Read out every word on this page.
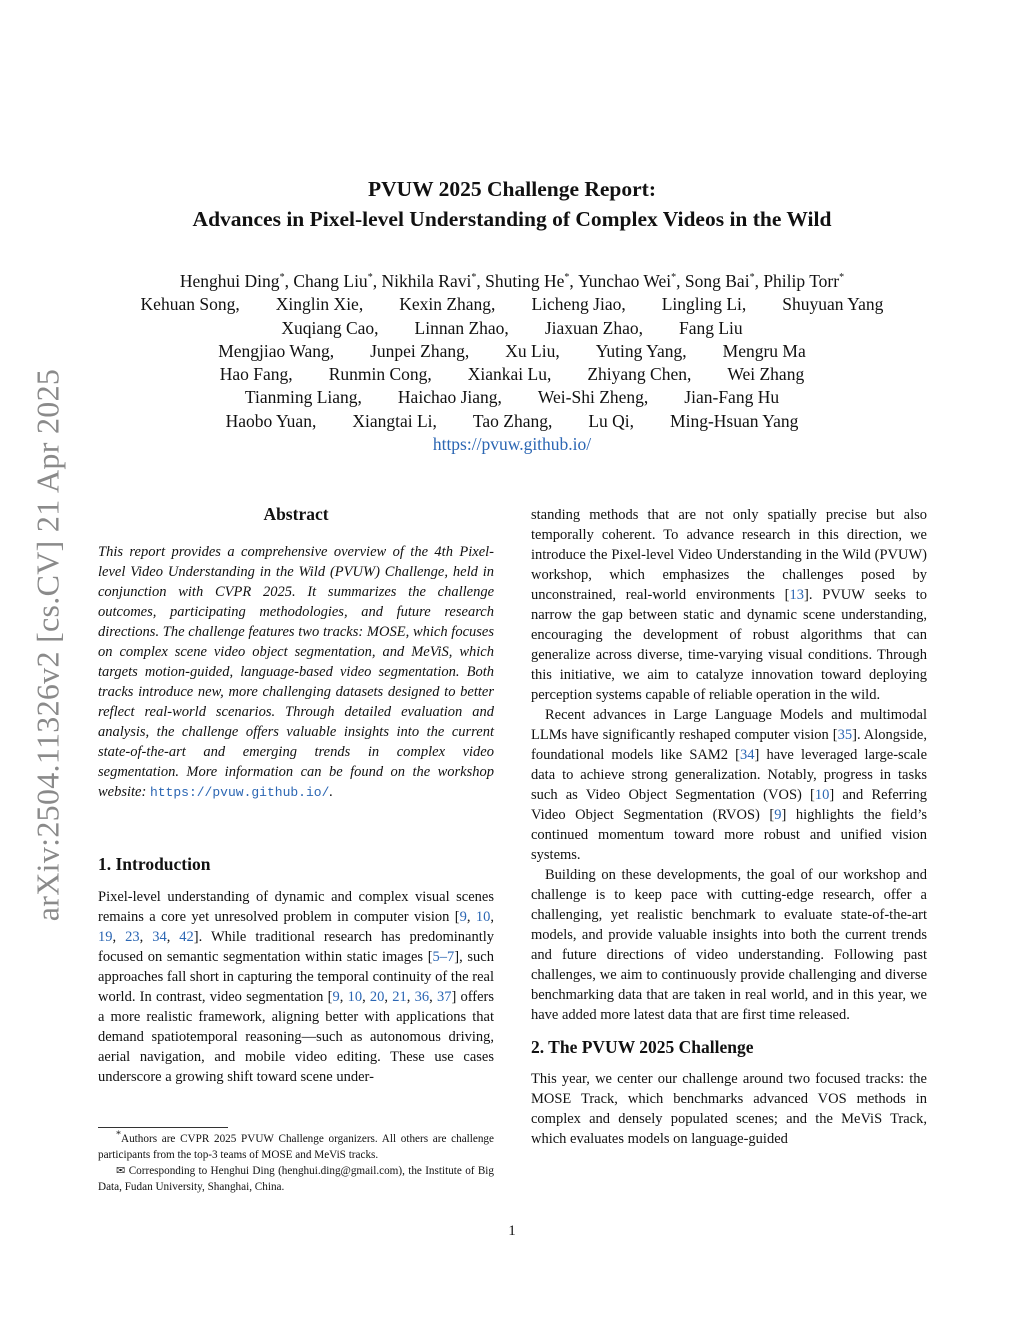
arXiv:2504.11326v2 [cs.CV] 21 Apr 2025
PVUW 2025 Challenge Report:
Advances in Pixel-level Understanding of Complex Videos in the Wild
Henghui Ding*, Chang Liu*, Nikhila Ravi*, Shuting He*, Yunchao Wei*, Song Bai*, Philip Torr*
Kehuan Song, Xinglin Xie, Kexin Zhang, Licheng Jiao, Lingling Li, Shuyuan Yang
Xuqiang Cao, Linnan Zhao, Jiaxuan Zhao, Fang Liu
Mengjiao Wang, Junpei Zhang, Xu Liu, Yuting Yang, Mengru Ma
Hao Fang, Runmin Cong, Xiankai Lu, Zhiyang Chen, Wei Zhang
Tianming Liang, Haichao Jiang, Wei-Shi Zheng, Jian-Fang Hu
Haobo Yuan, Xiangtai Li, Tao Zhang, Lu Qi, Ming-Hsuan Yang
https://pvuw.github.io/
Abstract

This report provides a comprehensive overview of the 4th Pixel-level Video Understanding in the Wild (PVUW) Challenge, held in conjunction with CVPR 2025. It summarizes the challenge outcomes, participating methodologies, and future research directions. The challenge features two tracks: MOSE, which focuses on complex scene video object segmentation, and MeViS, which targets motion-guided, language-based video segmentation. Both tracks introduce new, more challenging datasets designed to better reflect real-world scenarios. Through detailed evaluation and analysis, the challenge offers valuable insights into the current state-of-the-art and emerging trends in complex video segmentation. More information can be found on the workshop website: https://pvuw.github.io/.

1. Introduction

Pixel-level understanding of dynamic and complex visual scenes remains a core yet unresolved problem in computer vision [9, 10, 19, 23, 34, 42]. While traditional research has predominantly focused on semantic segmentation within static images [5–7], such approaches fall short in capturing the temporal continuity of the real world. In contrast, video segmentation [9, 10, 20, 21, 36, 37] offers a more realistic framework, aligning better with applications that demand spatiotemporal reasoning—such as autonomous driving, aerial navigation, and mobile video editing. These use cases underscore a growing shift toward scene under-

standing methods that are not only spatially precise but also temporally coherent. To advance research in this direction, we introduce the Pixel-level Video Understanding in the Wild (PVUW) workshop, which emphasizes the challenges posed by unconstrained, real-world environments [13]. PVUW seeks to narrow the gap between static and dynamic scene understanding, encouraging the development of robust algorithms that can generalize across diverse, time-varying visual conditions. Through this initiative, we aim to catalyze innovation toward deploying perception systems capable of reliable operation in the wild.

Recent advances in Large Language Models and multimodal LLMs have significantly reshaped computer vision [35]. Alongside, foundational models like SAM2 [34] have leveraged large-scale data to achieve strong generalization. Notably, progress in tasks such as Video Object Segmentation (VOS) [10] and Referring Video Object Segmentation (RVOS) [9] highlights the field’s continued momentum toward more robust and unified vision systems.

Building on these developments, the goal of our workshop and challenge is to keep pace with cutting-edge research, offer a challenging, yet realistic benchmark to evaluate state-of-the-art models, and provide valuable insights into both the current trends and future directions of video understanding. Following past challenges, we aim to continuously provide challenging and diverse benchmarking data that are taken in real world, and in this year, we have added more latest data that are first time released.

2. The PVUW 2025 Challenge

This year, we center our challenge around two focused tracks: the MOSE Track, which benchmarks advanced VOS methods in complex and densely populated scenes; and the MeViS Track, which evaluates models on language-guided

*Authors are CVPR 2025 PVUW Challenge organizers. All others are challenge participants from the top-3 teams of MOSE and MeViS tracks.

✉ Corresponding to Henghui Ding (henghui.ding@gmail.com), the Institute of Big Data, Fudan University, Shanghai, China.

1
